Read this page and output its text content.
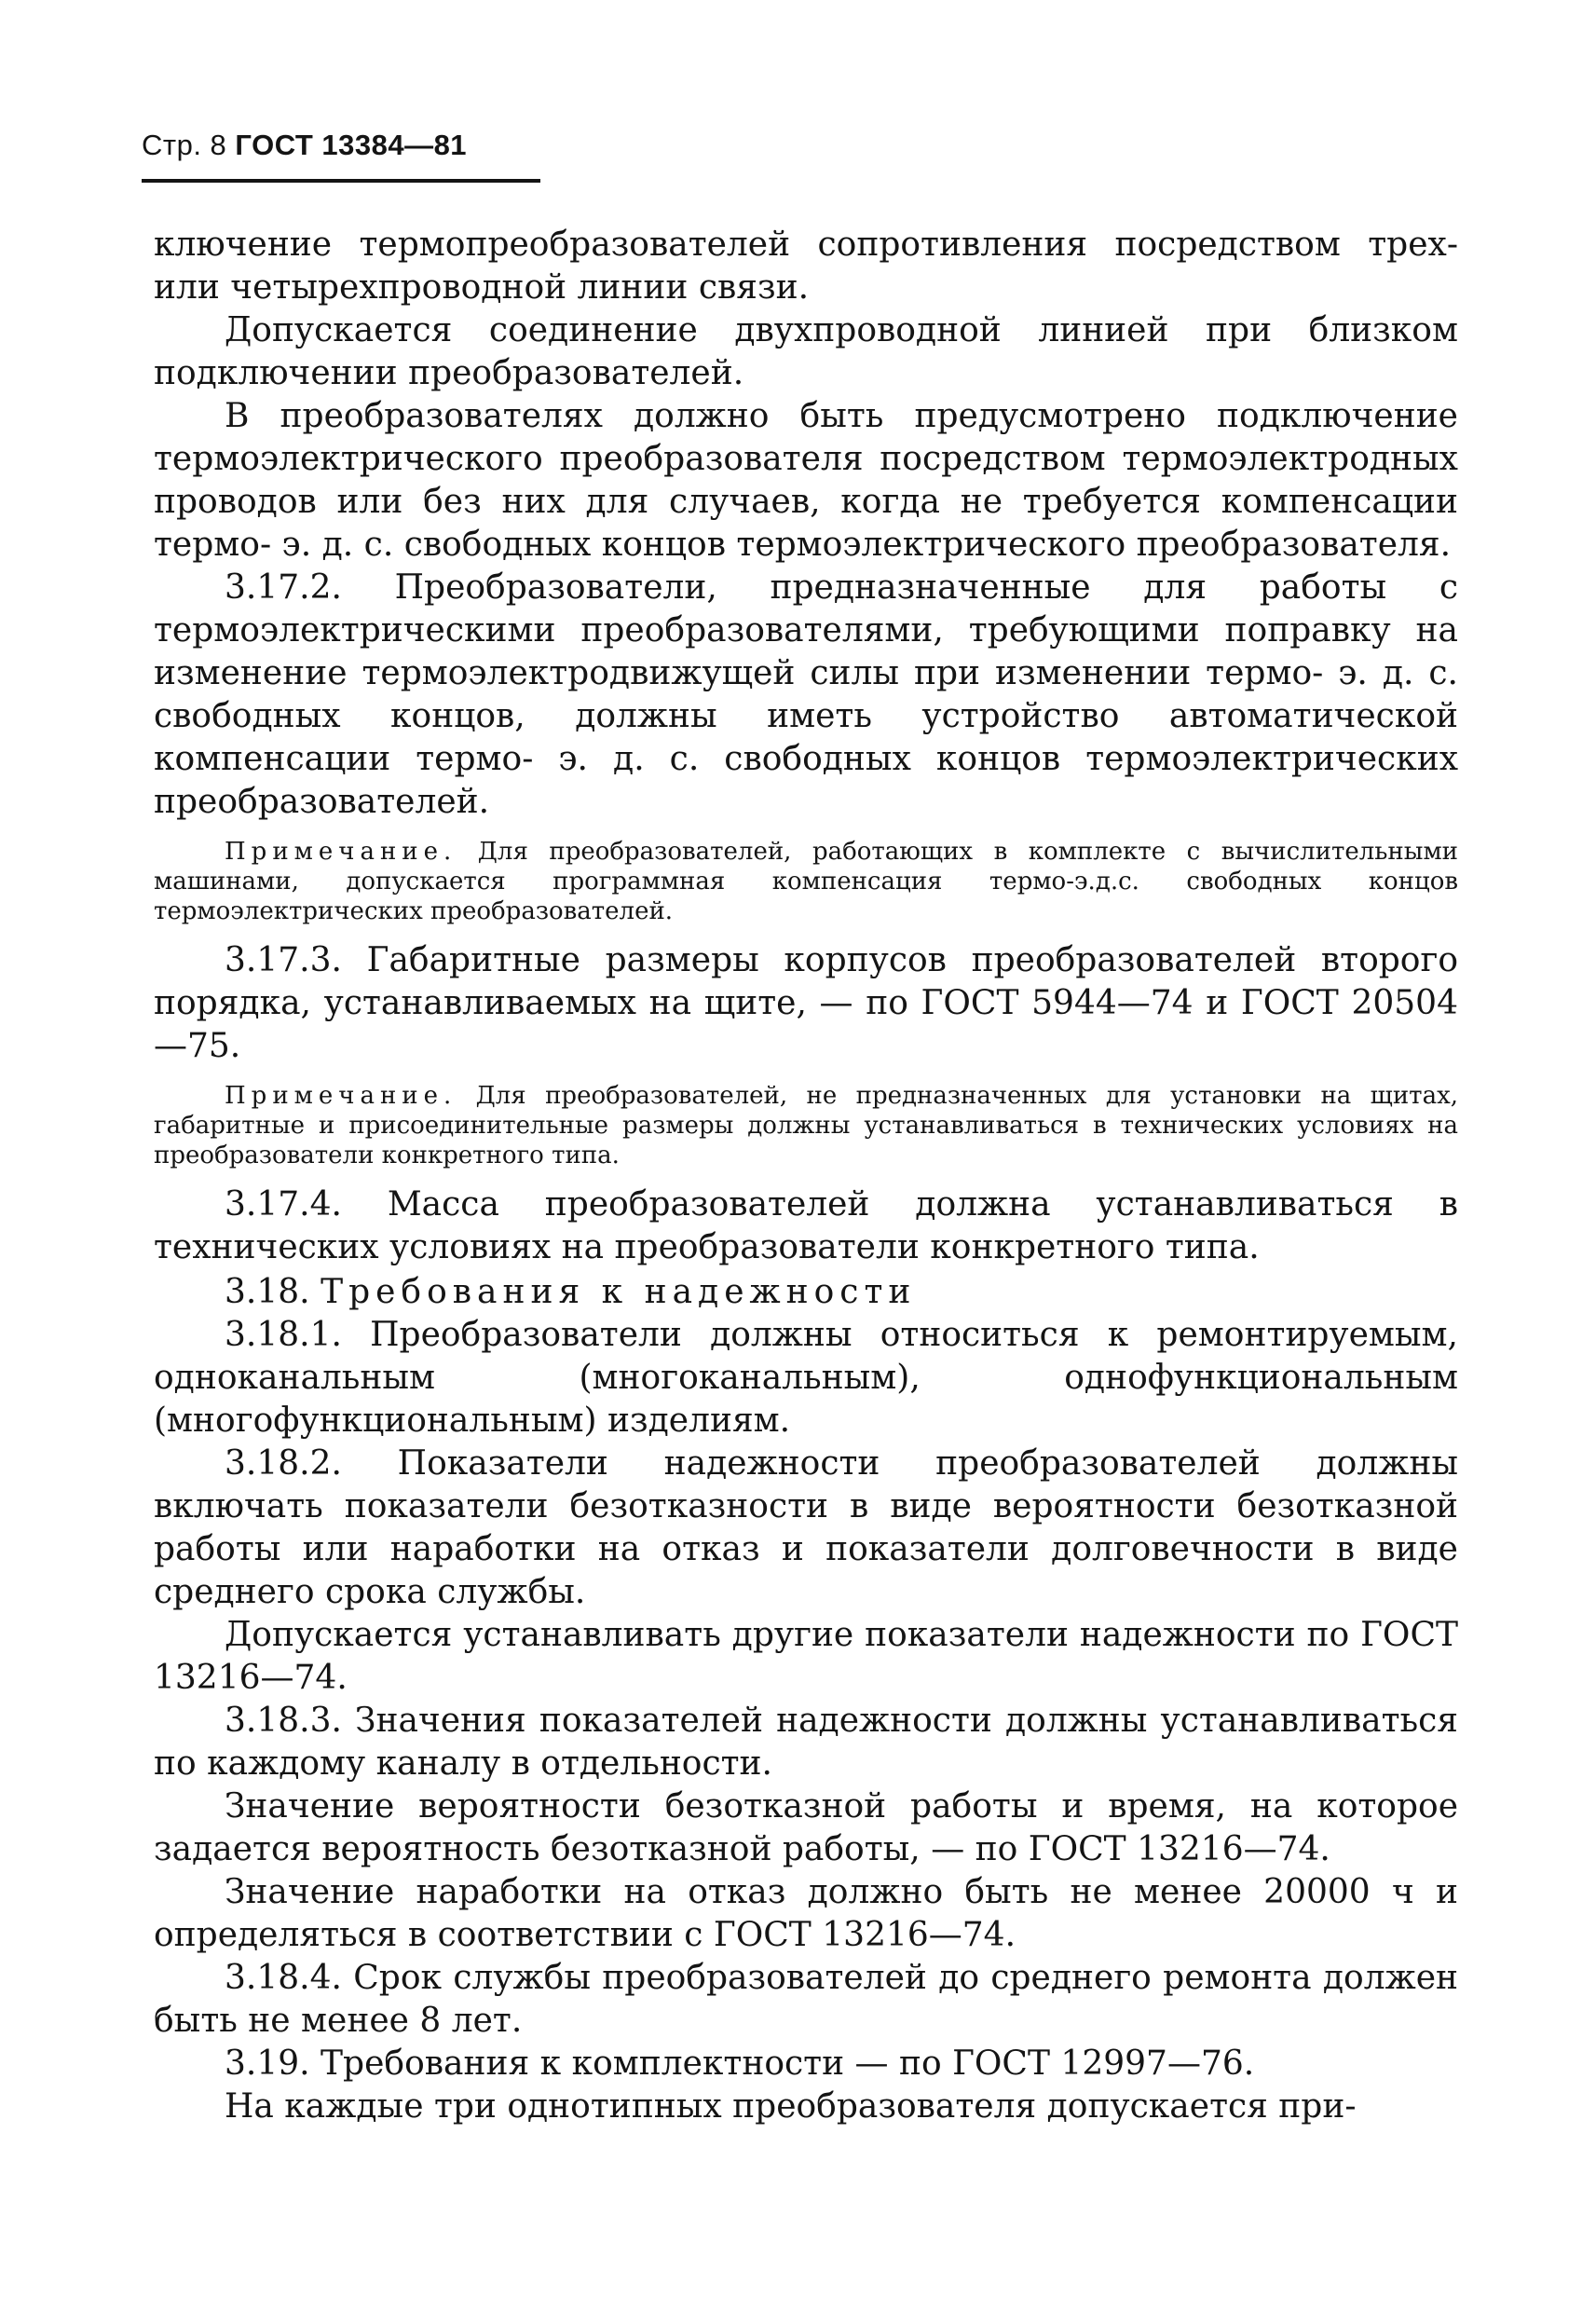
Стр. 8 ГОСТ 13384—81

ключение термопреобразователей сопротивления посредством трех- или четырехпроводной линии связи.

Допускается соединение двухпроводной линией при близком подключении преобразователей.

В преобразователях должно быть предусмотрено подключение термоэлектрического преобразователя посредством термоэлектродных проводов или без них для случаев, когда не требуется компенсации термо- э. д. с. свободных концов термоэлектрического преобразователя.

3.17.2. Преобразователи, предназначенные для работы с термоэлектрическими преобразователями, требующими поправку на изменение термоэлектродвижущей силы при изменении термо- э. д. с. свободных концов, должны иметь устройство автоматической компенсации термо- э. д. с. свободных концов термоэлектрических преобразователей.

Примечание. Для преобразователей, работающих в комплекте с вычислительными машинами, допускается программная компенсация термо-э.д.с. свободных концов термоэлектрических преобразователей.

3.17.3. Габаритные размеры корпусов преобразователей второго порядка, устанавливаемых на щите, — по ГОСТ 5944—74 и ГОСТ 20504—75.

Примечание. Для преобразователей, не предназначенных для установки на щитах, габаритные и присоединительные размеры должны устанавливаться в технических условиях на преобразователи конкретного типа.

3.17.4. Масса преобразователей должна устанавливаться в технических условиях на преобразователи конкретного типа.

3.18. Требования к надежности

3.18.1. Преобразователи должны относиться к ремонтируемым, одноканальным (многоканальным), однофункциональным (многофункциональным) изделиям.

3.18.2. Показатели надежности преобразователей должны включать показатели безотказности в виде вероятности безотказной работы или наработки на отказ и показатели долговечности в виде среднего срока службы.

Допускается устанавливать другие показатели надежности по ГОСТ 13216—74.

3.18.3. Значения показателей надежности должны устанавливаться по каждому каналу в отдельности.

Значение вероятности безотказной работы и время, на которое задается вероятность безотказной работы, — по ГОСТ 13216—74.

Значение наработки на отказ должно быть не менее 20000 ч и определяться в соответствии с ГОСТ 13216—74.

3.18.4. Срок службы преобразователей до среднего ремонта должен быть не менее 8 лет.

3.19. Требования к комплектности — по ГОСТ 12997—76.

На каждые три однотипных преобразователя допускается при-
